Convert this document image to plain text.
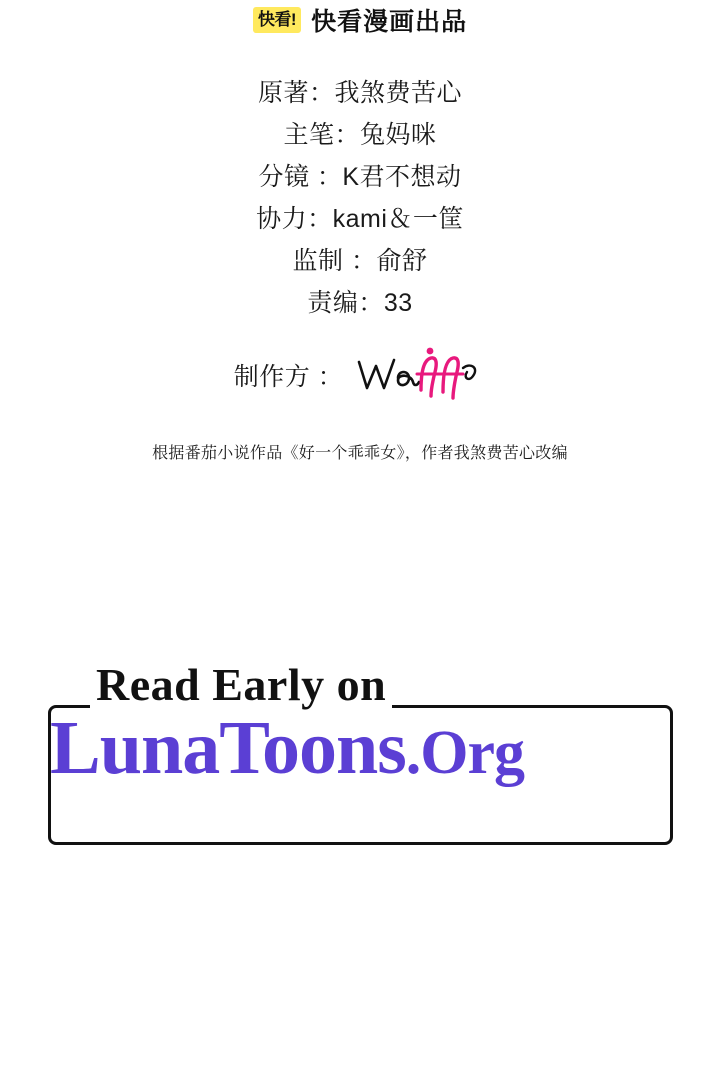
快看! 快看漫画出品
原著：我煞费苦心
主笔：兔妈咪
分镜 ：K君不想动
协力：kami＆一筐
监制 ：俞舒
责编：33
制作方 ：
根据番茄小说作品《好一个乖乖女》，作者我煞费苦心改编
Read Early on
LunaToons.Org
